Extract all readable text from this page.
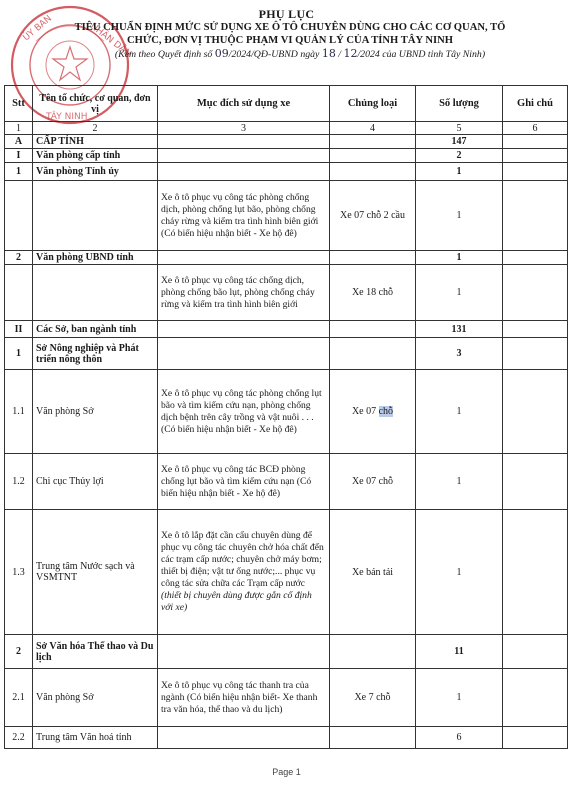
ỦY BAN	NHÂN DÂN
TÂY NINH
PHỤ LỤC
TIÊU CHUẨN ĐỊNH MỨC SỬ DỤNG XE Ô TÔ CHUYÊN DÙNG CHO CÁC CƠ QUAN, TỔ
CHỨC, ĐƠN VỊ THUỘC PHẠM VI QUẢN LÝ CỦA TỈNH TÂY NINH
(Kèm theo Quyết định số 09/2024/QĐ-UBND ngày 18 / 12/2024 của UBND tỉnh Tây Ninh)
Stt	Tên tổ chức, cơ quan, đơn vị	Mục đích sử dụng xe	Chủng loại	Số lượng	Ghi chú
1	2	3	4	5	6
A	CẤP TỈNH			147	
I	Văn phòng cấp tỉnh			2	
1	Văn phòng Tỉnh ủy			1	
		Xe ô tô phục vụ công tác phòng chống dịch, phòng chống lụt bão, phòng chống cháy rừng và kiểm tra tình hình biên giới (Có biển hiệu nhận biết - Xe hộ đê)	Xe 07 chỗ 2 cầu	1	
2	Văn phòng UBND tỉnh			1	
		Xe ô tô phục vụ công tác chống dịch, phòng chống bão lụt, phòng chống cháy rừng và kiểm tra tình hình biên giới	Xe 18 chỗ	1	
II	Các Sở, ban ngành tỉnh			131	
1	Sở Nông nghiệp và Phát triển nông thôn			3	
1.1	Văn phòng Sở	Xe ô tô phục vụ công tác phòng chống lụt bão và tìm kiếm cứu nạn, phòng chống dịch bệnh trên cây trồng và vật nuôi . . . (Có biển hiệu nhận biết - Xe hộ đê)	Xe 07 chỗ	1	
1.2	Chi cục Thủy lợi	Xe ô tô phục vụ công tác BCĐ phòng chống lụt bão và tìm kiếm cứu nạn (Có biển hiệu nhận biết - Xe hộ đê)	Xe 07 chỗ	1	
1.3	Trung tâm Nước sạch và VSMTNT	Xe ô tô lắp đặt cần cẩu chuyên dùng để phục vụ công tác chuyên chở hóa chất đến các trạm cấp nước; chuyên chở máy bơm; thiết bị điện; vật tư ống nước;... phục vụ công tác sửa chữa các Trạm cấp nước (thiết bị chuyên dùng được gắn cố định với xe)	Xe bán tải	1	
2	Sở Văn hóa Thể thao và Du lịch			11	
2.1	Văn phòng Sở	Xe ô tô phục vụ công tác thanh tra của ngành (Có biển hiệu nhận biết- Xe thanh tra văn hóa, thể thao và du lịch)	Xe 7 chỗ	1	
2.2	Trung tâm Văn hoá tỉnh			6	
Page 1
